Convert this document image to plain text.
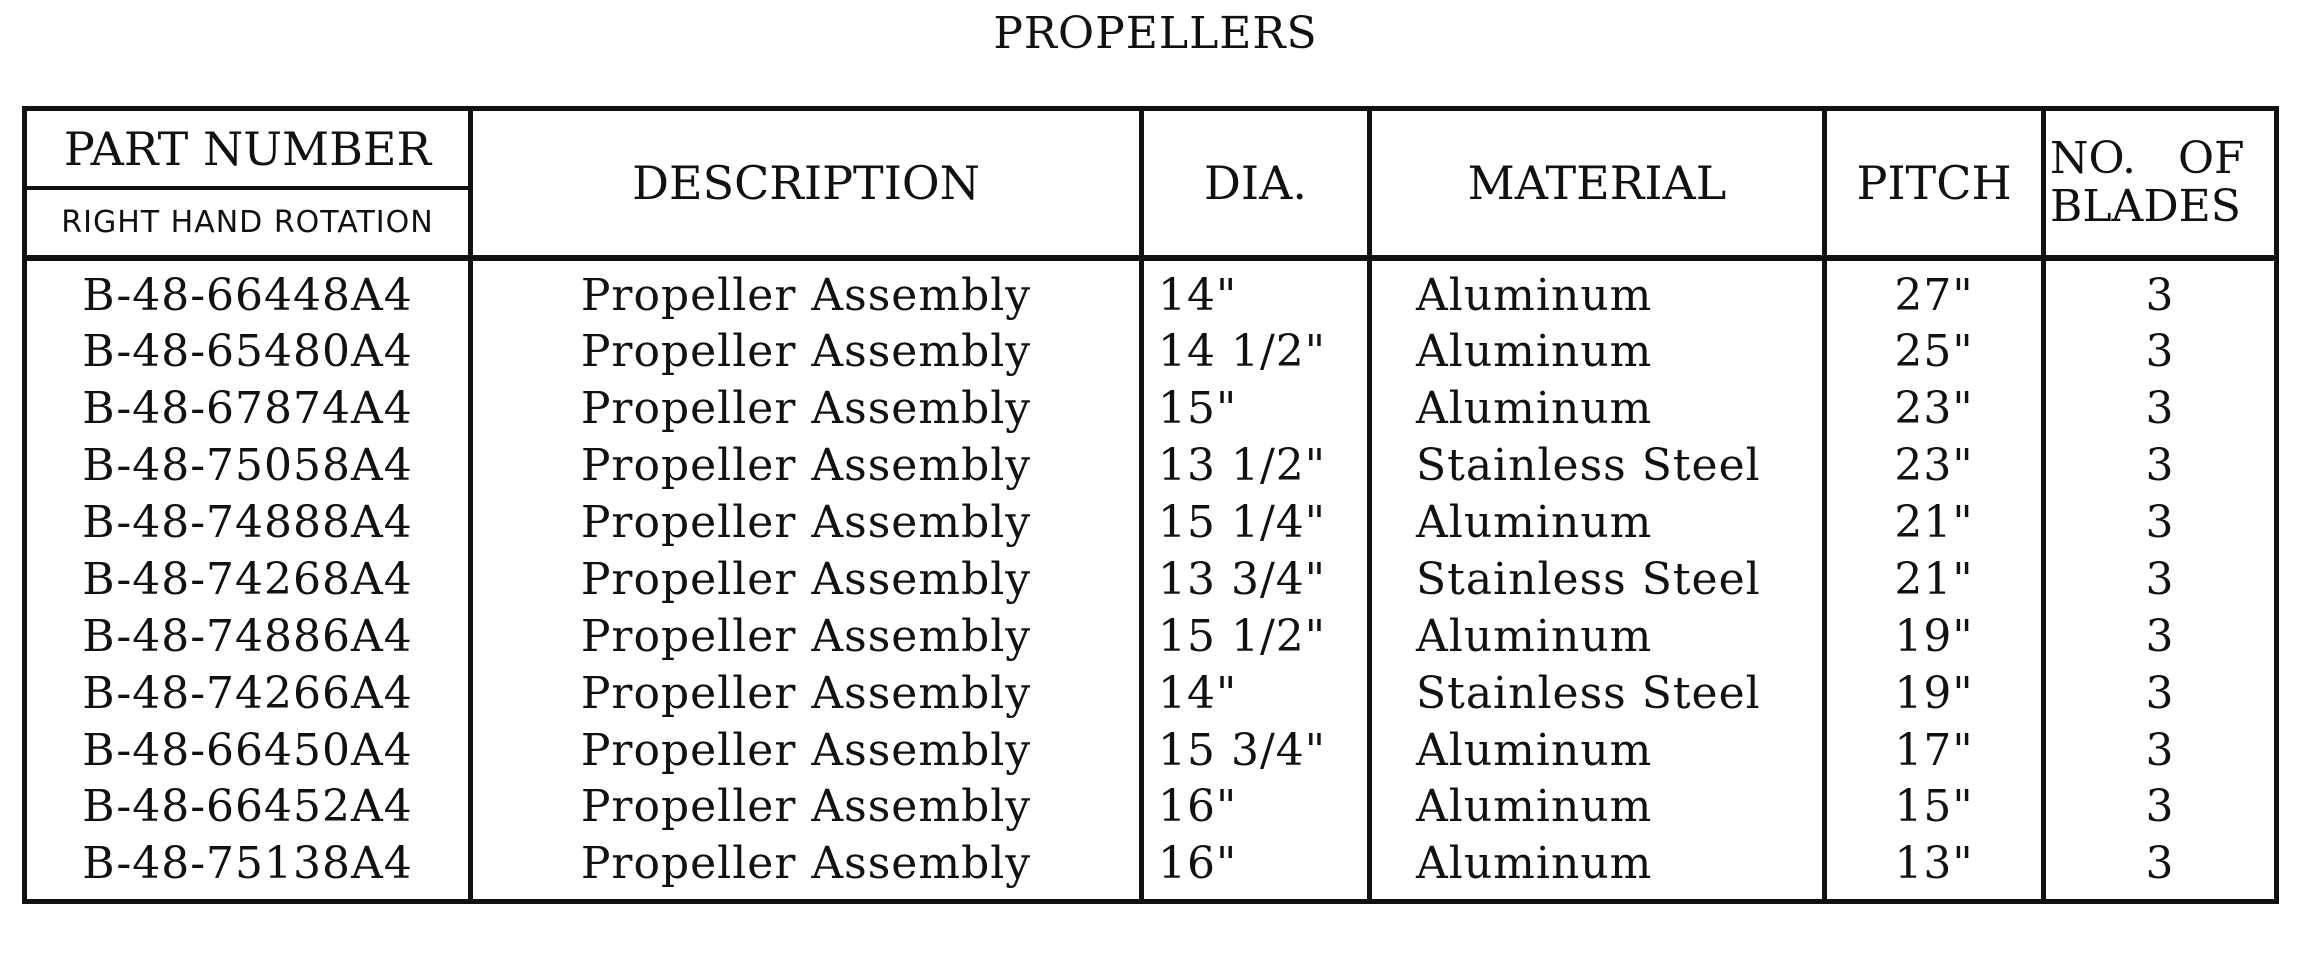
PROPELLERS
PART NUMBER	DESCRIPTION	DIA.	MATERIAL	PITCH	NO. OF
BLADES

RIGHT HAND ROTATION					
B-48-66448A4	Propeller Assembly	14"	Aluminum	27"	3
B-48-65480A4	Propeller Assembly	14 1/2"	Aluminum	25"	3
B-48-67874A4	Propeller Assembly	15"	Aluminum	23"	3
B-48-75058A4	Propeller Assembly	13 1/2"	Stainless Steel	23"	3
B-48-74888A4	Propeller Assembly	15 1/4"	Aluminum	21"	3
B-48-74268A4	Propeller Assembly	13 3/4"	Stainless Steel	21"	3
B-48-74886A4	Propeller Assembly	15 1/2"	Aluminum	19"	3
B-48-74266A4	Propeller Assembly	14"	Stainless Steel	19"	3
B-48-66450A4	Propeller Assembly	15 3/4"	Aluminum	17"	3
B-48-66452A4	Propeller Assembly	16"	Aluminum	15"	3
B-48-75138A4	Propeller Assembly	16"	Aluminum	13"	3
